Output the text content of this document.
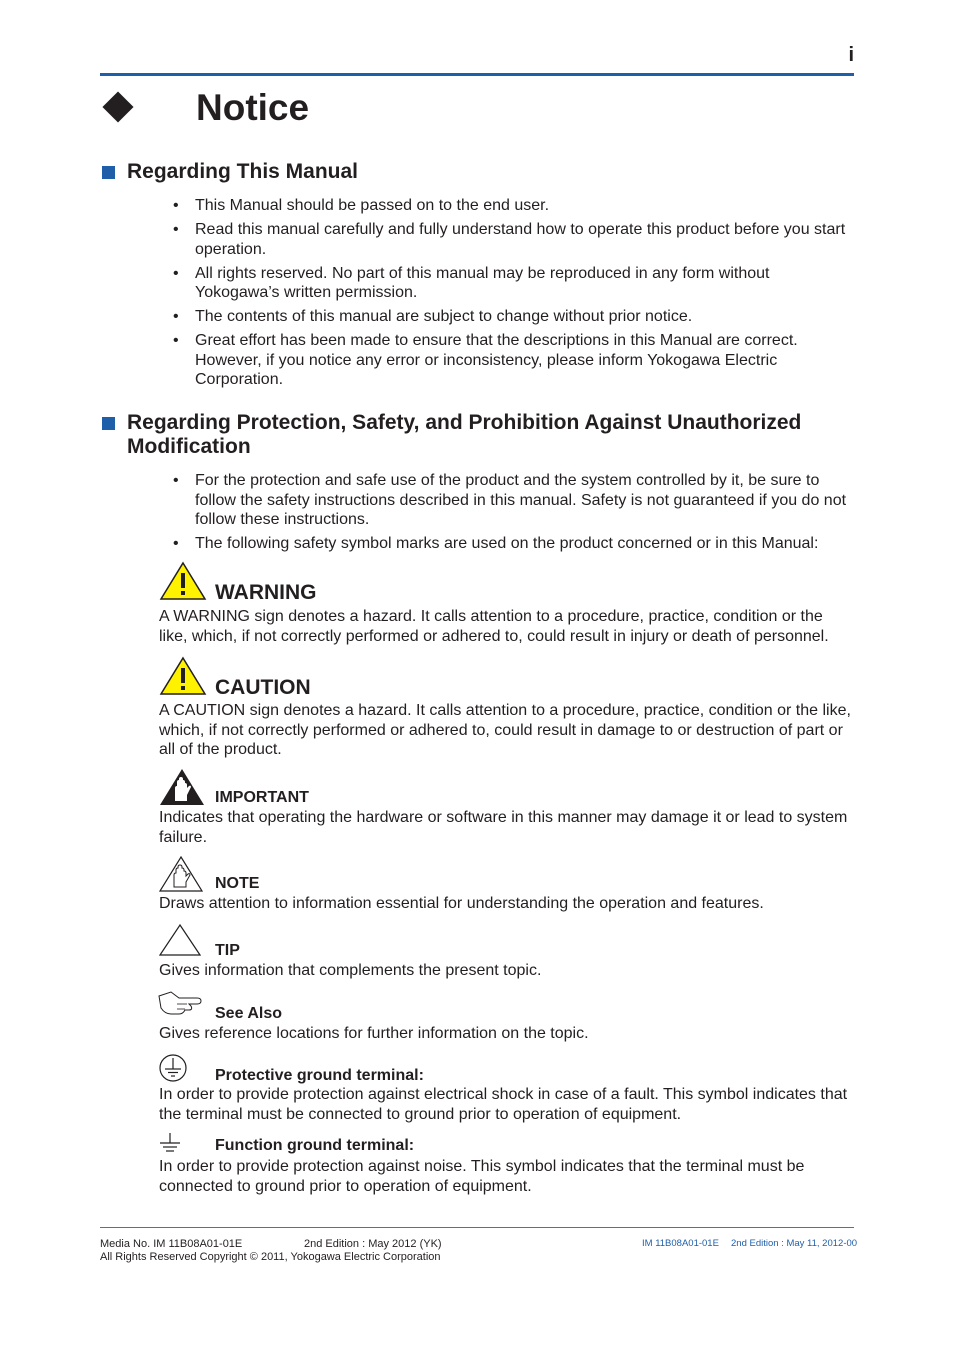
i
Notice
Regarding This Manual
• This Manual should be passed on to the end user.
• Read this manual carefully and fully understand how to operate this product before you start operation.
• All rights reserved. No part of this manual may be reproduced in any form without Yokogawa’s written permission.
• The contents of this manual are subject to change without prior notice.
• Great effort has been made to ensure that the descriptions in this Manual are correct. However, if you notice any error or inconsistency, please inform Yokogawa Electric Corporation.
Regarding Protection, Safety, and Prohibition Against Unauthorized Modification
• For the protection and safe use of the product and the system controlled by it, be sure to follow the safety instructions described in this manual. Safety is not guaranteed if you do not follow these instructions.
• The following safety symbol marks are used on the product concerned or in this Manual:
WARNING
A WARNING sign denotes a hazard. It calls attention to a procedure, practice, condition or the like, which, if not correctly performed or adhered to, could result in injury or death of personnel.
CAUTION
A CAUTION sign denotes a hazard. It calls attention to a procedure, practice, condition or the like, which, if not correctly performed or adhered to, could result in damage to or destruction of part or all of the product.
IMPORTANT
Indicates that operating the hardware or software in this manner may damage it or lead to system failure.
NOTE
Draws attention to information essential for understanding the operation and features.
TIP
Gives information that complements the present topic.
See Also
Gives reference locations for further information on the topic.
Protective ground terminal:
In order to provide protection against electrical shock in case of a fault. This symbol indicates that the terminal must be connected to ground prior to operation of equipment.
Function ground terminal:
In order to provide protection against noise. This symbol indicates that the terminal must be connected to ground prior to operation of equipment.
Media No. IM 11B08A01-01E	2nd Edition : May 2012 (YK)
All Rights Reserved Copyright © 2011, Yokogawa Electric Corporation
IM 11B08A01-01E 2nd Edition : May 11, 2012-00
